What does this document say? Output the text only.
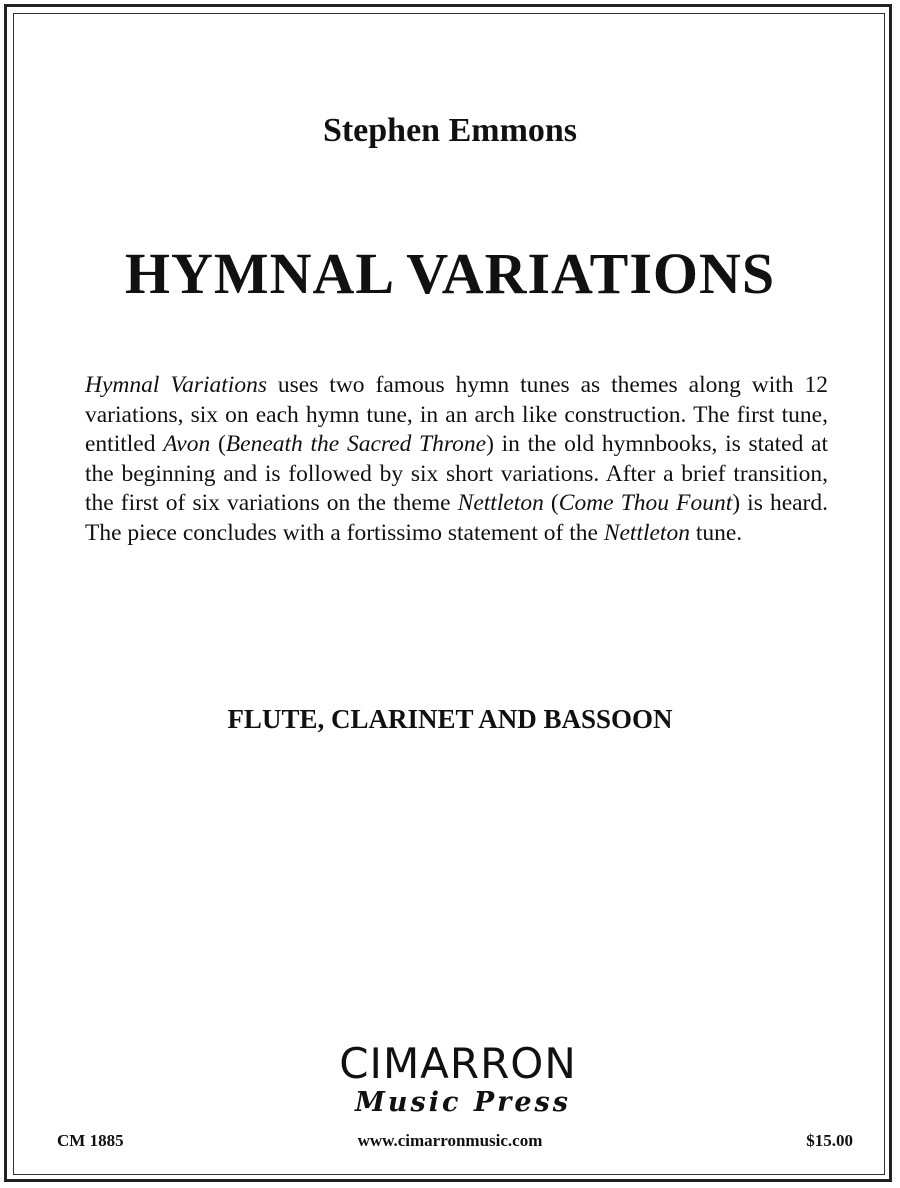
Stephen Emmons
HYMNAL VARIATIONS
Hymnal Variations uses two famous hymn tunes as themes along with 12 variations, six on each hymn tune, in an arch like construction. The first tune, entitled Avon (Beneath the Sacred Throne) in the old hymnbooks, is stated at the beginning and is followed by six short variations. After a brief transition, the first of six variations on the theme Nettleton (Come Thou Fount) is heard. The piece concludes with a fortissimo statement of the Nettleton tune.
FLUTE, CLARINET AND BASSOON
CIMARRON
Music Press
CM 1885	www.cimarronmusic.com	$15.00
